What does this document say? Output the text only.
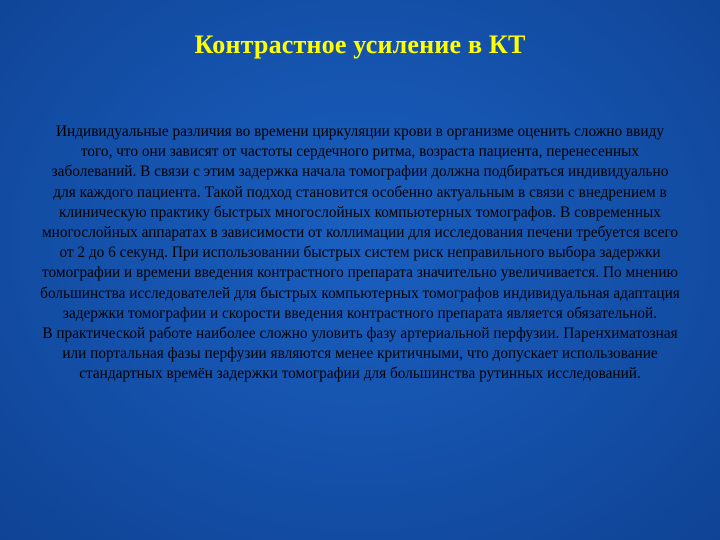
Контрастное усиление в КТ

Индивидуальные различия во времени циркуляции крови в организме оценить сложно ввиду того, что они зависят от частоты сердечного ритма, возраста пациента, перенесенных заболеваний. В связи с этим задержка начала томографии должна подбираться индивидуально для каждого пациента. Такой подход становится особенно актуальным в связи с внедрением в клиническую практику быстрых многослойных компьютерных томографов. В современных многослойных аппаратах в зависимости от коллимации для исследования печени требуется всего от 2 до 6 секунд. При использовании быстрых систем риск неправильного выбора задержки томографии и времени введения контрастного препарата значительно увеличивается. По мнению большинства исследователей для быстрых компьютерных томографов индивидуальная адаптация задержки томографии и скорости введения контрастного препарата является обязательной.

В практической работе наиболее сложно уловить фазу артериальной перфузии. Паренхиматозная или портальная фазы перфузии являются менее критичными, что допускает использование стандартных времён задержки томографии для большинства рутинных исследований.
